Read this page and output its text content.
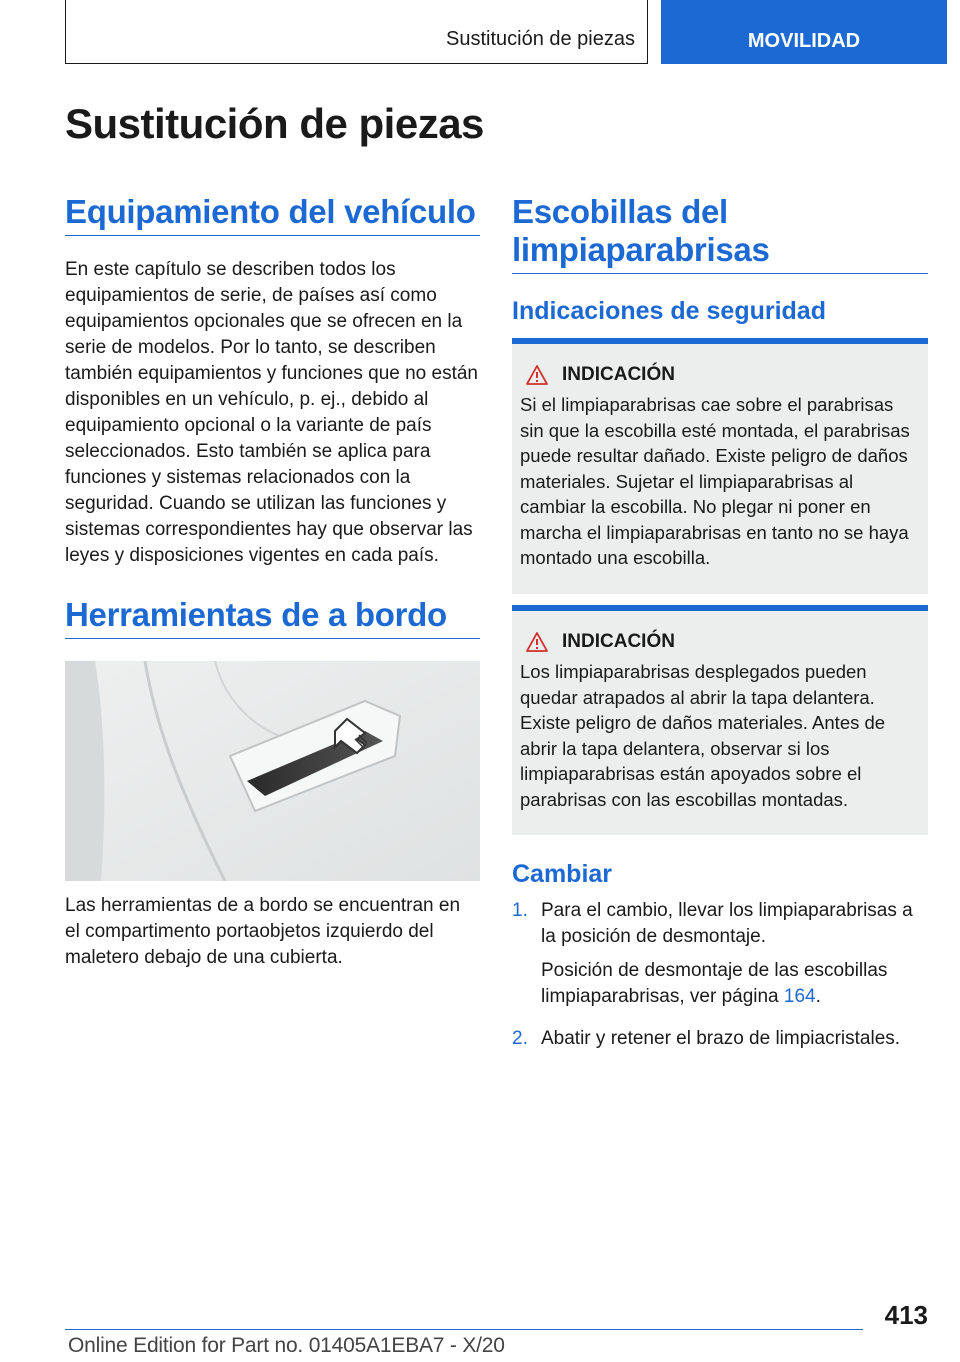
Sustitución de piezas	MOVILIDAD
Sustitución de piezas
Equipamiento del vehículo

En este capítulo se describen todos los equipamientos de serie, de países así como equipamientos opcionales que se ofrecen en la serie de modelos. Por lo tanto, se describen también equipamientos y funciones que no están disponibles en un vehículo, p. ej., debido al equipamiento opcional o la variante de país seleccionados. Esto también se aplica para funciones y sistemas relacionados con la seguridad. Cuando se utilizan las funciones y sistemas correspondientes hay que observar las leyes y disposiciones vigentes en cada país.

Herramientas de a bordo

Las herramientas de a bordo se encuentran en el compartimento portaobjetos izquierdo del maletero debajo de una cubierta.

Escobillas del limpiaparabrisas
Indicaciones de seguridad
INDICACIÓN

Si el limpiaparabrisas cae sobre el parabrisas sin que la escobilla esté montada, el parabrisas puede resultar dañado. Existe peligro de daños materiales. Sujetar el limpiaparabrisas al cambiar la escobilla. No plegar ni poner en marcha el limpiaparabrisas en tanto no se haya montado una escobilla.

INDICACIÓN

Los limpiaparabrisas desplegados pueden quedar atrapados al abrir la tapa delantera. Existe peligro de daños materiales. Antes de abrir la tapa delantera, observar si los limpiaparabrisas están apoyados sobre el parabrisas con las escobillas montadas.

Cambiar
1. Para el cambio, llevar los limpiaparabrisas a la posición de desmontaje.

Posición de desmontaje de las escobillas limpiaparabrisas, ver página 164.

2. Abatir y retener el brazo de limpiacristales.

413
Online Edition for Part no. 01405A1EBA7 - X/20
